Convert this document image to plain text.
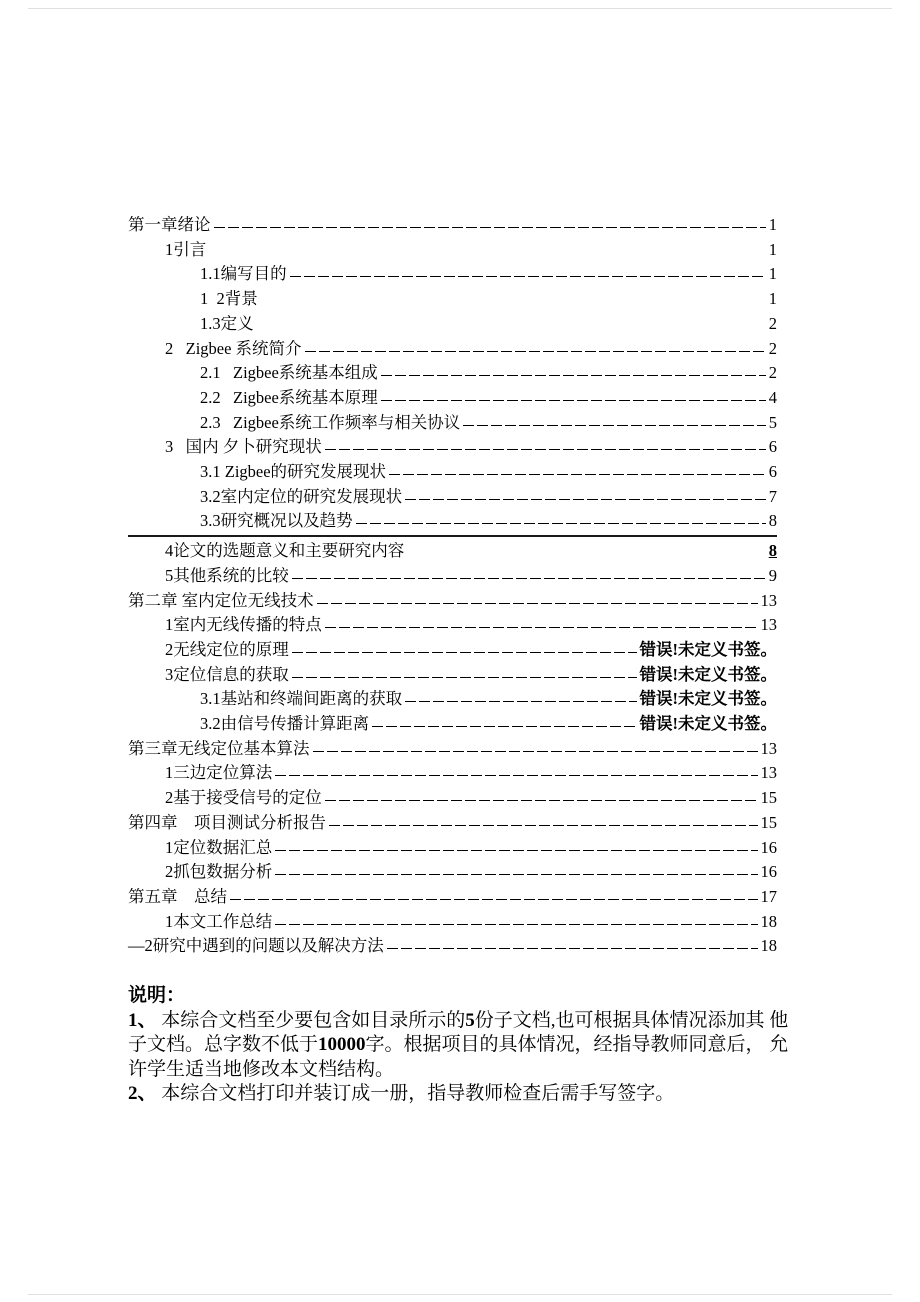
第一章绪论	1
1引言	1
1.1编写目的	1
1  2背景	1
1.3定义	2
2   Zigbee 系统简介	2
2.1   Zigbee系统基本组成	2
2.2   Zigbee系统基本原理	4
2.3   Zigbee系统工作频率与相关协议	5
3   国内 夕卜研究现状	6
3.1 Zigbee的研究发展现状	6
3.2室内定位的研究发展现状	7
3.3研究概况以及趋势	8
4论文的选题意义和主要研究内容	8
5其他系统的比较	9
第二章 室内定位无线技术	13
1室内无线传播的特点	13
2无线定位的原理	错误!未定义书签。
3定位信息的获取	错误!未定义书签。
3.1基站和终端间距离的获取	错误!未定义书签。
3.2由信号传播计算距离	错误!未定义书签。
第三章无线定位基本算法	13
1三边定位算法	13
2基于接受信号的定位	15
第四章    项目测试分析报告	15
1定位数据汇总	16
2抓包数据分析	16
第五章    总结	17
1本文工作总结	18
—2研究中遇到的问题以及解决方法	18

说明：

1、 本综合文档至少要包含如目录所示的5份子文档,也可根据具体情况添加其 他子文档。总字数不低于10000字。根据项目的具体情况，经指导教师同意后， 允许学生适当地修改本文档结构。

2、 本综合文档打印并装订成一册，指导教师检查后需手写签字。
